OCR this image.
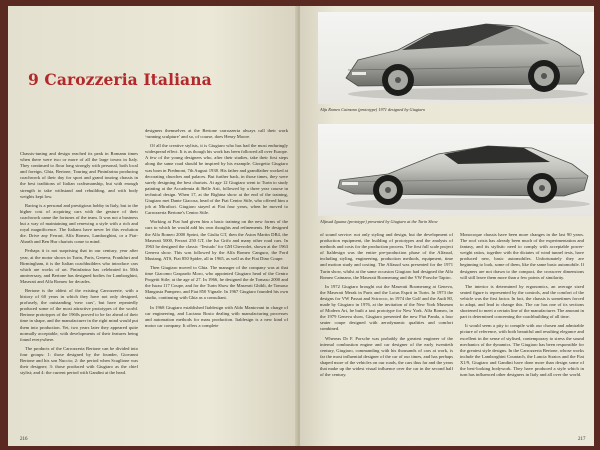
9 Carozzeria Italiana

Chassis-tuning and design reached its peak in Romann times when there were two or more of all the large towns in Italy. They continued to flour long strongly with personal, both local and foreign, Ghia, Bertone, Touring and Pininfarina producing coachwork of their day for sport and grand touring chassis in the best traditions of Italian craftsmanship, but with enough strength to take withstand and rebuilding, and with body weights kept low.

Racing is a personal and prestigious hobby in Italy, but to the higher cost of acquiring cars with the gesture of their coachwork came the fortunes of the team. It was not a business but a way of maintaining and renewing a style with a rich and royal magnificence. The Italians have never let this evolution die. Drive any Ferrari, Alfa Romeo, Lamborghini, or a Fiat-Abarth and Ben Hur chariots come to mind.

Perhaps it is not surprising that in our century, year after year, at the motor shows in Turin, Paris, Geneva, Frankfurt and Birmingham, it is the Italian coachbuilders who introduce cars which are works of art. Pininfarina has celebrated its 50th anniversary, and Bertone has designed bodies for Lamborghini, Maserati and Alfa Romeo for decades.

Bertone is the oldest of the existing Carrozzerie, with a history of 60 years in which they have not only designed, profusely, the outstanding ‘new cars’, but have repeatedly produced some of the most attractive prototypes of the world. Bertone prototypes of the 1960s proved to be far ahead of their time in shape, and the manufacturer in the right mind would put them into production. Yet, two years later they appeared quite normally acceptable, with developments of their features being found everywhere.

The products of the Carrozzeria Bertone can be divided into four groups: 1: those designed by the founder, Giovanni Bertone and his son Nuccio; 2: the period when Scaglione was their designer; 3: those produced with Giugiaro as the chief stylist; and 4: the current period with Gandini at the head.

designers themselves at the Bertone carrozzeria always call their work ‘running sculpture’ and so, of course, does Henry Moore.

Of all the creative stylists, it is Giugiaro who has had the most enduringly widespread effect. It is as though his work has been followed all over Europe. A few of the young designers who, after their studies, take their first steps along the same road should be inspired by his example. Giorgetto Giugiaro was born in Piedmont, 7th August 1938. His father and grandfather worked at decorating churches and palaces. But further back, in those times, they were surely designing the best chariots. At age 12 Giugiaro went to Turin to study painting at the Accademia di Belle Arti, followed by a three year course in technical design. When 17, at the Bighina show at the end of the training, Giugiaro met Dante Giacosa, head of the Fiat Centro Stile, who offered him a job at Mirafiori. Giugiaro stayed at Fiat four years, when he moved to Carrozzeria Bertone's Centro Stile.

Working at Fiat had given him a basic training on the new forms of the cars to which he would add his own thoughts and refinements. He designed the Alfa Romeo 2000 Sprint, the Giulia GT, then the Aston Martin DB4, the Maserati 5000, Ferrari 250 GT, the Iso Grifo and many other road cars. In 1963 he designed the classic ‘Testudo’ for GM Chevrolet, shown at the 1963 Geneva show. This was followed by the Alfa Romeo Canguro, the Ford Mustang, ATS, Fiat 850 Spider, all in 1965, as well as the Fiat Dino Coupe.

Then Giugiaro moved to Ghia. The manager of the company was at that time Giacomo Gaspardo Moro, who appointed Giugiaro head of the Centro Progetti Stile; at the age of 27. In 1966, he designed the de Tomaso 2000 and the Isuzu 117 Coupe, and for the Turin Show the Maserati Ghibli, de Tomaso Mangusta Pampero, and Fiat 850 Vignale. In 1967 Giugiaro founded his own studio, continuing with Ghia as a consultant.

In 1968 Giugiaro established Italdesign with Aldo Mantovani in charge of car engineering, and Luciano Bosio dealing with manufacturing processes and automation methods for mass production. Italdesign is a new kind of motor car company. It offers a complete

216
Alfa Romeo Caimano (prototype) 1971 designed by Giugiaro
Alfasud Iguana (prototype) presented by Giugiaro at the Turin Show

of sound service: not only styling and design, but the development of production equipment, the building of prototypes and the analysis of methods and costs for the production process. The first full scale project of Italdesign was the entire pre-production phase of the Alfasud, including styling, engineering, production methods, equipment, time and motion study and costing. The Alfasud was presented for the 1971 Turin show, whilst at the same occasion Giugiaro had designed the Alfa Romeo Caimano, the Maserati Boomerang and the VW Porsche Tapiro.

In 1972 Giugiaro brought out the Maserati Boomerang at Geneva, the Maserati Merak in Paris and the Lotus Esprit in Turin. In 1973 the designs for VW Passat and Scirocco, in 1974 the Golf and the Audi 80, made by Giugiaro in 1976, at the invitation of the New York Museum of Modern Art, he built a taxi prototype for New York. Alfa Romeo, in the 1979 Geneva show, Giugiaro presented the new Fiat Panda, a four seater coupe designed with aerodynamic qualities and comfort combined.

Whereas Dr F. Porsche was probably the greatest engineer of the internal combustion engine and car designer of the early twentieth century, Giugiaro, commanding with his thousands of cars at work, is far the most influential designer of the car of our times, and has perhaps shaped more of the vehicles on our roads, the cars thus far and the years that make up the widest visual influence over the car in the second half of the century.

Monocoque chassis have been more changes in the last 90 years. The roof crisis has already been much of the experimentation and fantasy, and its stylistic need to comply with acceptable power-weight ratios, together with the dictates of wind tunnel tests, have produced new, basic automobiles. Unfortunately they are beginning to look, some of them, like the same basic automobile. If designers are not drawn to the compact, the crossover dimensions will still leave them more than a few points of similarity.

The interior is determined by ergonomics, an average sized seated figure is represented by the controls, and the comfort of the vehicle was the first factor. In fact, the chassis is sometimes forced to adapt, and lead to change this. The car has one of its sections shortened to meet a certain line of the manufacturer. The amount in part is determined concerning the coachbuilding of all time.

It would seem a pity to compile with our chosen and admirable picture of reference, with both beautiful and resulting elegance and excellent in the sense of stylised, contemporary to stress the sound mechanics of the dynamics. The Giugiaro has been responsible for the greatest style designs. In the Carrozzeria Bertone, whose works include the Lamborghini Countach, the Lancia Stratos and the Fiat X1/9, Giugiaro and Gandini have done more than design some of the best-looking bodywork. They have produced a style which in turn has influenced other designers in Italy and all over the world.

217
